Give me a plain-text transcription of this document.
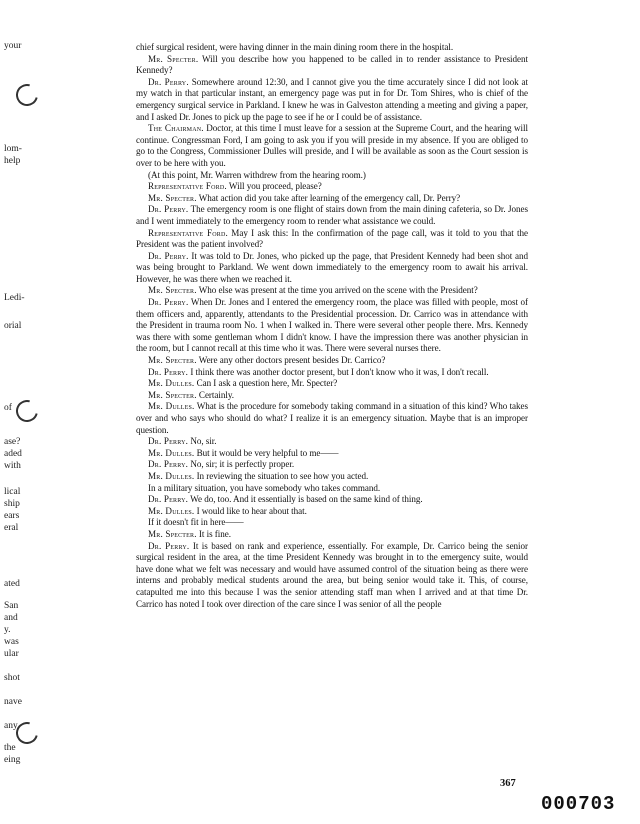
your
lom-
help
Ledi-
orial
of
ase?
aded
with
lical
ship
ears
eral
ated
San
and
y.
was
ular
shot
nave
any,
the
eing

chief surgical resident, were having dinner in the main dining room there in the hospital.

Mr. Specter. Will you describe how you happened to be called in to render assistance to President Kennedy?

Dr. Perry. Somewhere around 12:30, and I cannot give you the time accurately since I did not look at my watch in that particular instant, an emergency page was put in for Dr. Tom Shires, who is chief of the emergency surgical service in Parkland. I knew he was in Galveston attending a meeting and giving a paper, and I asked Dr. Jones to pick up the page to see if he or I could be of assistance.

The Chairman. Doctor, at this time I must leave for a session at the Supreme Court, and the hearing will continue. Congressman Ford, I am going to ask you if you will preside in my absence. If you are obliged to go to the Congress, Commissioner Dulles will preside, and I will be available as soon as the Court session is over to be here with you.

(At this point, Mr. Warren withdrew from the hearing room.)

Representative Ford. Will you proceed, please?

Mr. Specter. What action did you take after learning of the emergency call, Dr. Perry?

Dr. Perry. The emergency room is one flight of stairs down from the main dining cafeteria, so Dr. Jones and I went immediately to the emergency room to render what assistance we could.

Representative Ford. May I ask this: In the confirmation of the page call, was it told to you that the President was the patient involved?

Dr. Perry. It was told to Dr. Jones, who picked up the page, that President Kennedy had been shot and was being brought to Parkland. We went down immediately to the emergency room to await his arrival. However, he was there when we reached it.

Mr. Specter. Who else was present at the time you arrived on the scene with the President?

Dr. Perry. When Dr. Jones and I entered the emergency room, the place was filled with people, most of them officers and, apparently, attendants to the Presidential procession. Dr. Carrico was in attendance with the President in trauma room No. 1 when I walked in. There were several other people there. Mrs. Kennedy was there with some gentleman whom I didn't know. I have the impression there was another physician in the room, but I cannot recall at this time who it was. There were several nurses there.

Mr. Specter. Were any other doctors present besides Dr. Carrico?

Dr. Perry. I think there was another doctor present, but I don't know who it was, I don't recall.

Mr. Dulles. Can I ask a question here, Mr. Specter?

Mr. Specter. Certainly.

Mr. Dulles. What is the procedure for somebody taking command in a situation of this kind? Who takes over and who says who should do what? I realize it is an emergency situation. Maybe that is an improper question.

Dr. Perry. No, sir.

Mr. Dulles. But it would be very helpful to me——

Dr. Perry. No, sir; it is perfectly proper.

Mr. Dulles. In reviewing the situation to see how you acted.

In a military situation, you have somebody who takes command.

Dr. Perry. We do, too. And it essentially is based on the same kind of thing.

Mr. Dulles. I would like to hear about that.

If it doesn't fit in here——

Mr. Specter. It is fine.

Dr. Perry. It is based on rank and experience, essentially. For example, Dr. Carrico being the senior surgical resident in the area, at the time President Kennedy was brought in to the emergency suite, would have done what we felt was necessary and would have assumed control of the situation being as there were interns and probably medical students around the area, but being senior would take it. This, of course, catapulted me into this because I was the senior attending staff man when I arrived and at that time Dr. Carrico has noted I took over direction of the care since I was senior of all the people

367
000703
